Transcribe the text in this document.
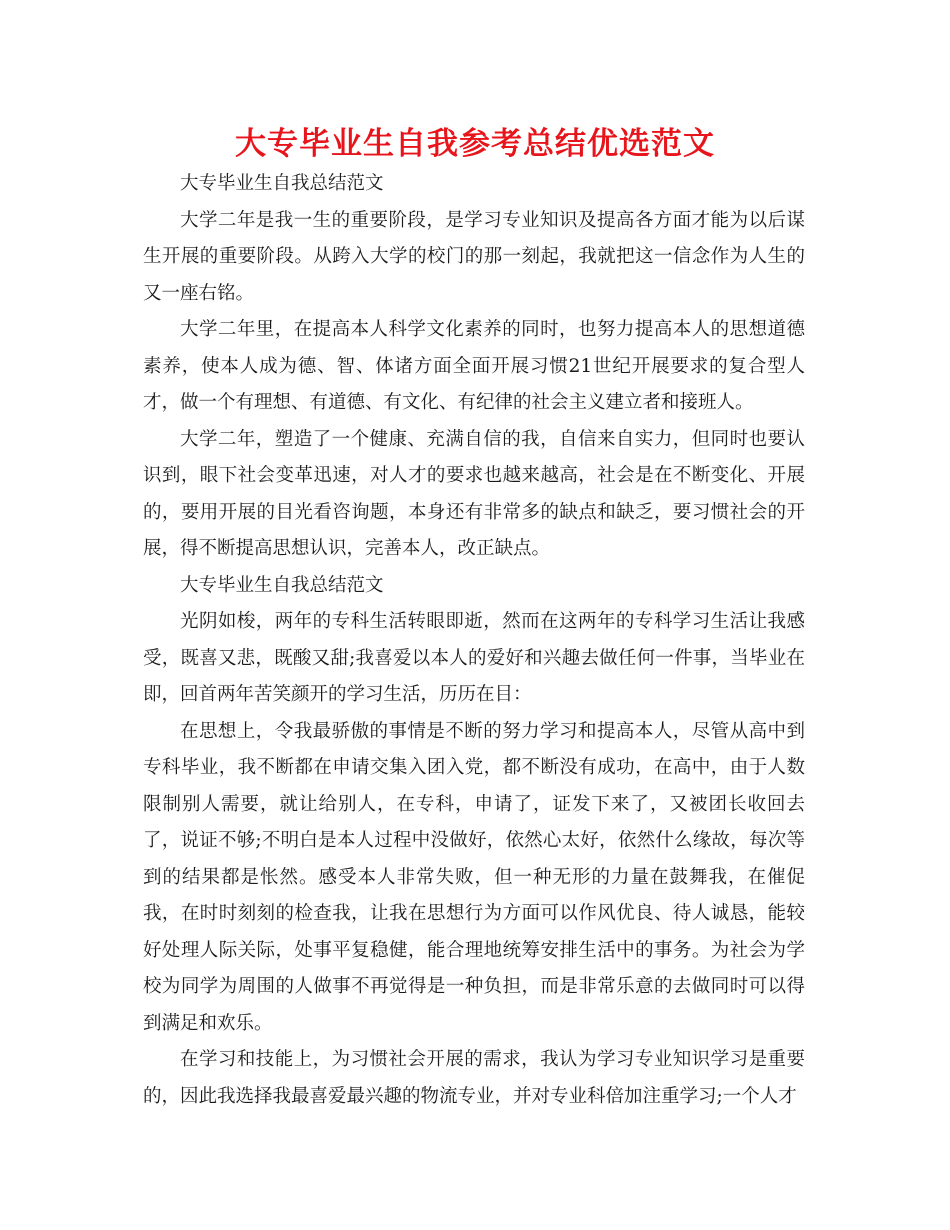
大专毕业生自我参考总结优选范文

大专毕业生自我总结范文

大学二年是我一生的重要阶段，是学习专业知识及提高各方面才能为以后谋生开展的重要阶段。从跨入大学的校门的那一刻起，我就把这一信念作为人生的又一座右铭。

大学二年里，在提高本人科学文化素养的同时，也努力提高本人的思想道德素养，使本人成为德、智、体诸方面全面开展习惯21世纪开展要求的复合型人才，做一个有理想、有道德、有文化、有纪律的社会主义建立者和接班人。

大学二年，塑造了一个健康、充满自信的我，自信来自实力，但同时也要认识到，眼下社会变革迅速，对人才的要求也越来越高，社会是在不断变化、开展的，要用开展的目光看咨询题，本身还有非常多的缺点和缺乏，要习惯社会的开展，得不断提高思想认识，完善本人，改正缺点。

大专毕业生自我总结范文

光阴如梭，两年的专科生活转眼即逝，然而在这两年的专科学习生活让我感受，既喜又悲，既酸又甜;我喜爱以本人的爱好和兴趣去做任何一件事，当毕业在即，回首两年苦笑颜开的学习生活，历历在目：

在思想上，令我最骄傲的事情是不断的努力学习和提高本人，尽管从高中到专科毕业，我不断都在申请交集入团入党，都不断没有成功，在高中，由于人数限制别人需要，就让给别人，在专科，申请了，证发下来了，又被团长收回去了，说证不够;不明白是本人过程中没做好，依然心太好，依然什么缘故，每次等到的结果都是怅然。感受本人非常失败，但一种无形的力量在鼓舞我，在催促我，在时时刻刻的检查我，让我在思想行为方面可以作风优良、待人诚恳，能较好处理人际关际，处事平复稳健，能合理地统筹安排生活中的事务。为社会为学校为同学为周围的人做事不再觉得是一种负担，而是非常乐意的去做同时可以得到满足和欢乐。

在学习和技能上，为习惯社会开展的需求，我认为学习专业知识学习是重要的，因此我选择我最喜爱最兴趣的物流专业，并对专业科倍加注重学习;一个人才
